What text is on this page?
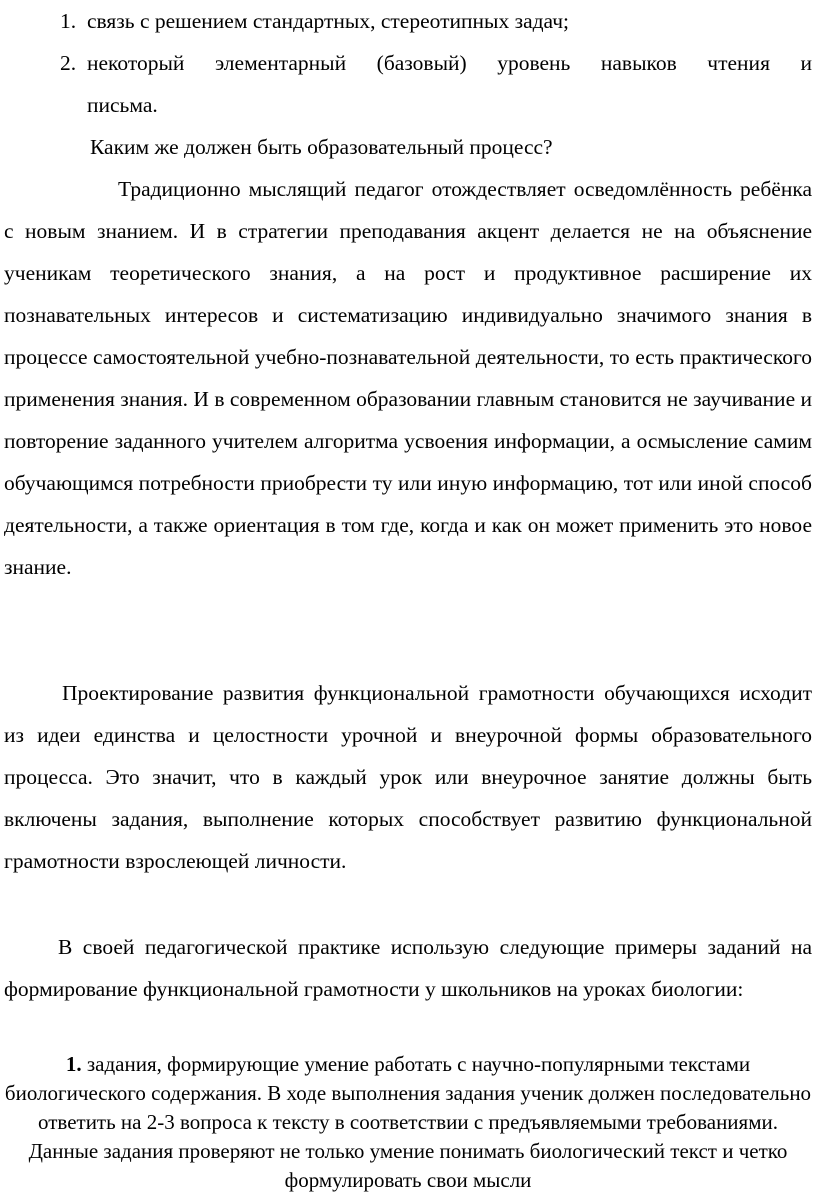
1. связь с решением стандартных, стереотипных задач;
2. некоторый элементарный (базовый) уровень навыков чтения и
письма.

Каким же должен быть образовательный процесс?

Традиционно мыслящий педагог отождествляет осведомлённость ребёнка с новым знанием. И в стратегии преподавания акцент делается не на объяснение ученикам теоретического знания, а на рост и продуктивное расширение их познавательных интересов и систематизацию индивидуально значимого знания в процессе самостоятельной учебно-познавательной деятельности, то есть практического применения знания. И в современном образовании главным становится не заучивание и повторение заданного учителем алгоритма усвоения информации, а осмысление самим обучающимся потребности приобрести ту или иную информацию, тот или иной способ деятельности, а также ориентация в том где, когда и как он может применить это новое знание.

Проектирование развития функциональной грамотности обучающихся исходит из идеи единства и целостности урочной и внеурочной формы образовательного процесса. Это значит, что в каждый урок или внеурочное занятие должны быть включены задания, выполнение которых способствует развитию функциональной грамотности взрослеющей личности.

В своей педагогической практике использую следующие примеры заданий на формирование функциональной грамотности у школьников на уроках биологии:

1. задания, формирующие умение работать с научно-популярными текстами биологического содержания. В ходе выполнения задания ученик должен последовательно ответить на 2-3 вопроса к тексту в соответствии с предъявляемыми требованиями. Данные задания проверяют не только умение понимать биологический текст и четко формулировать свои мысли
